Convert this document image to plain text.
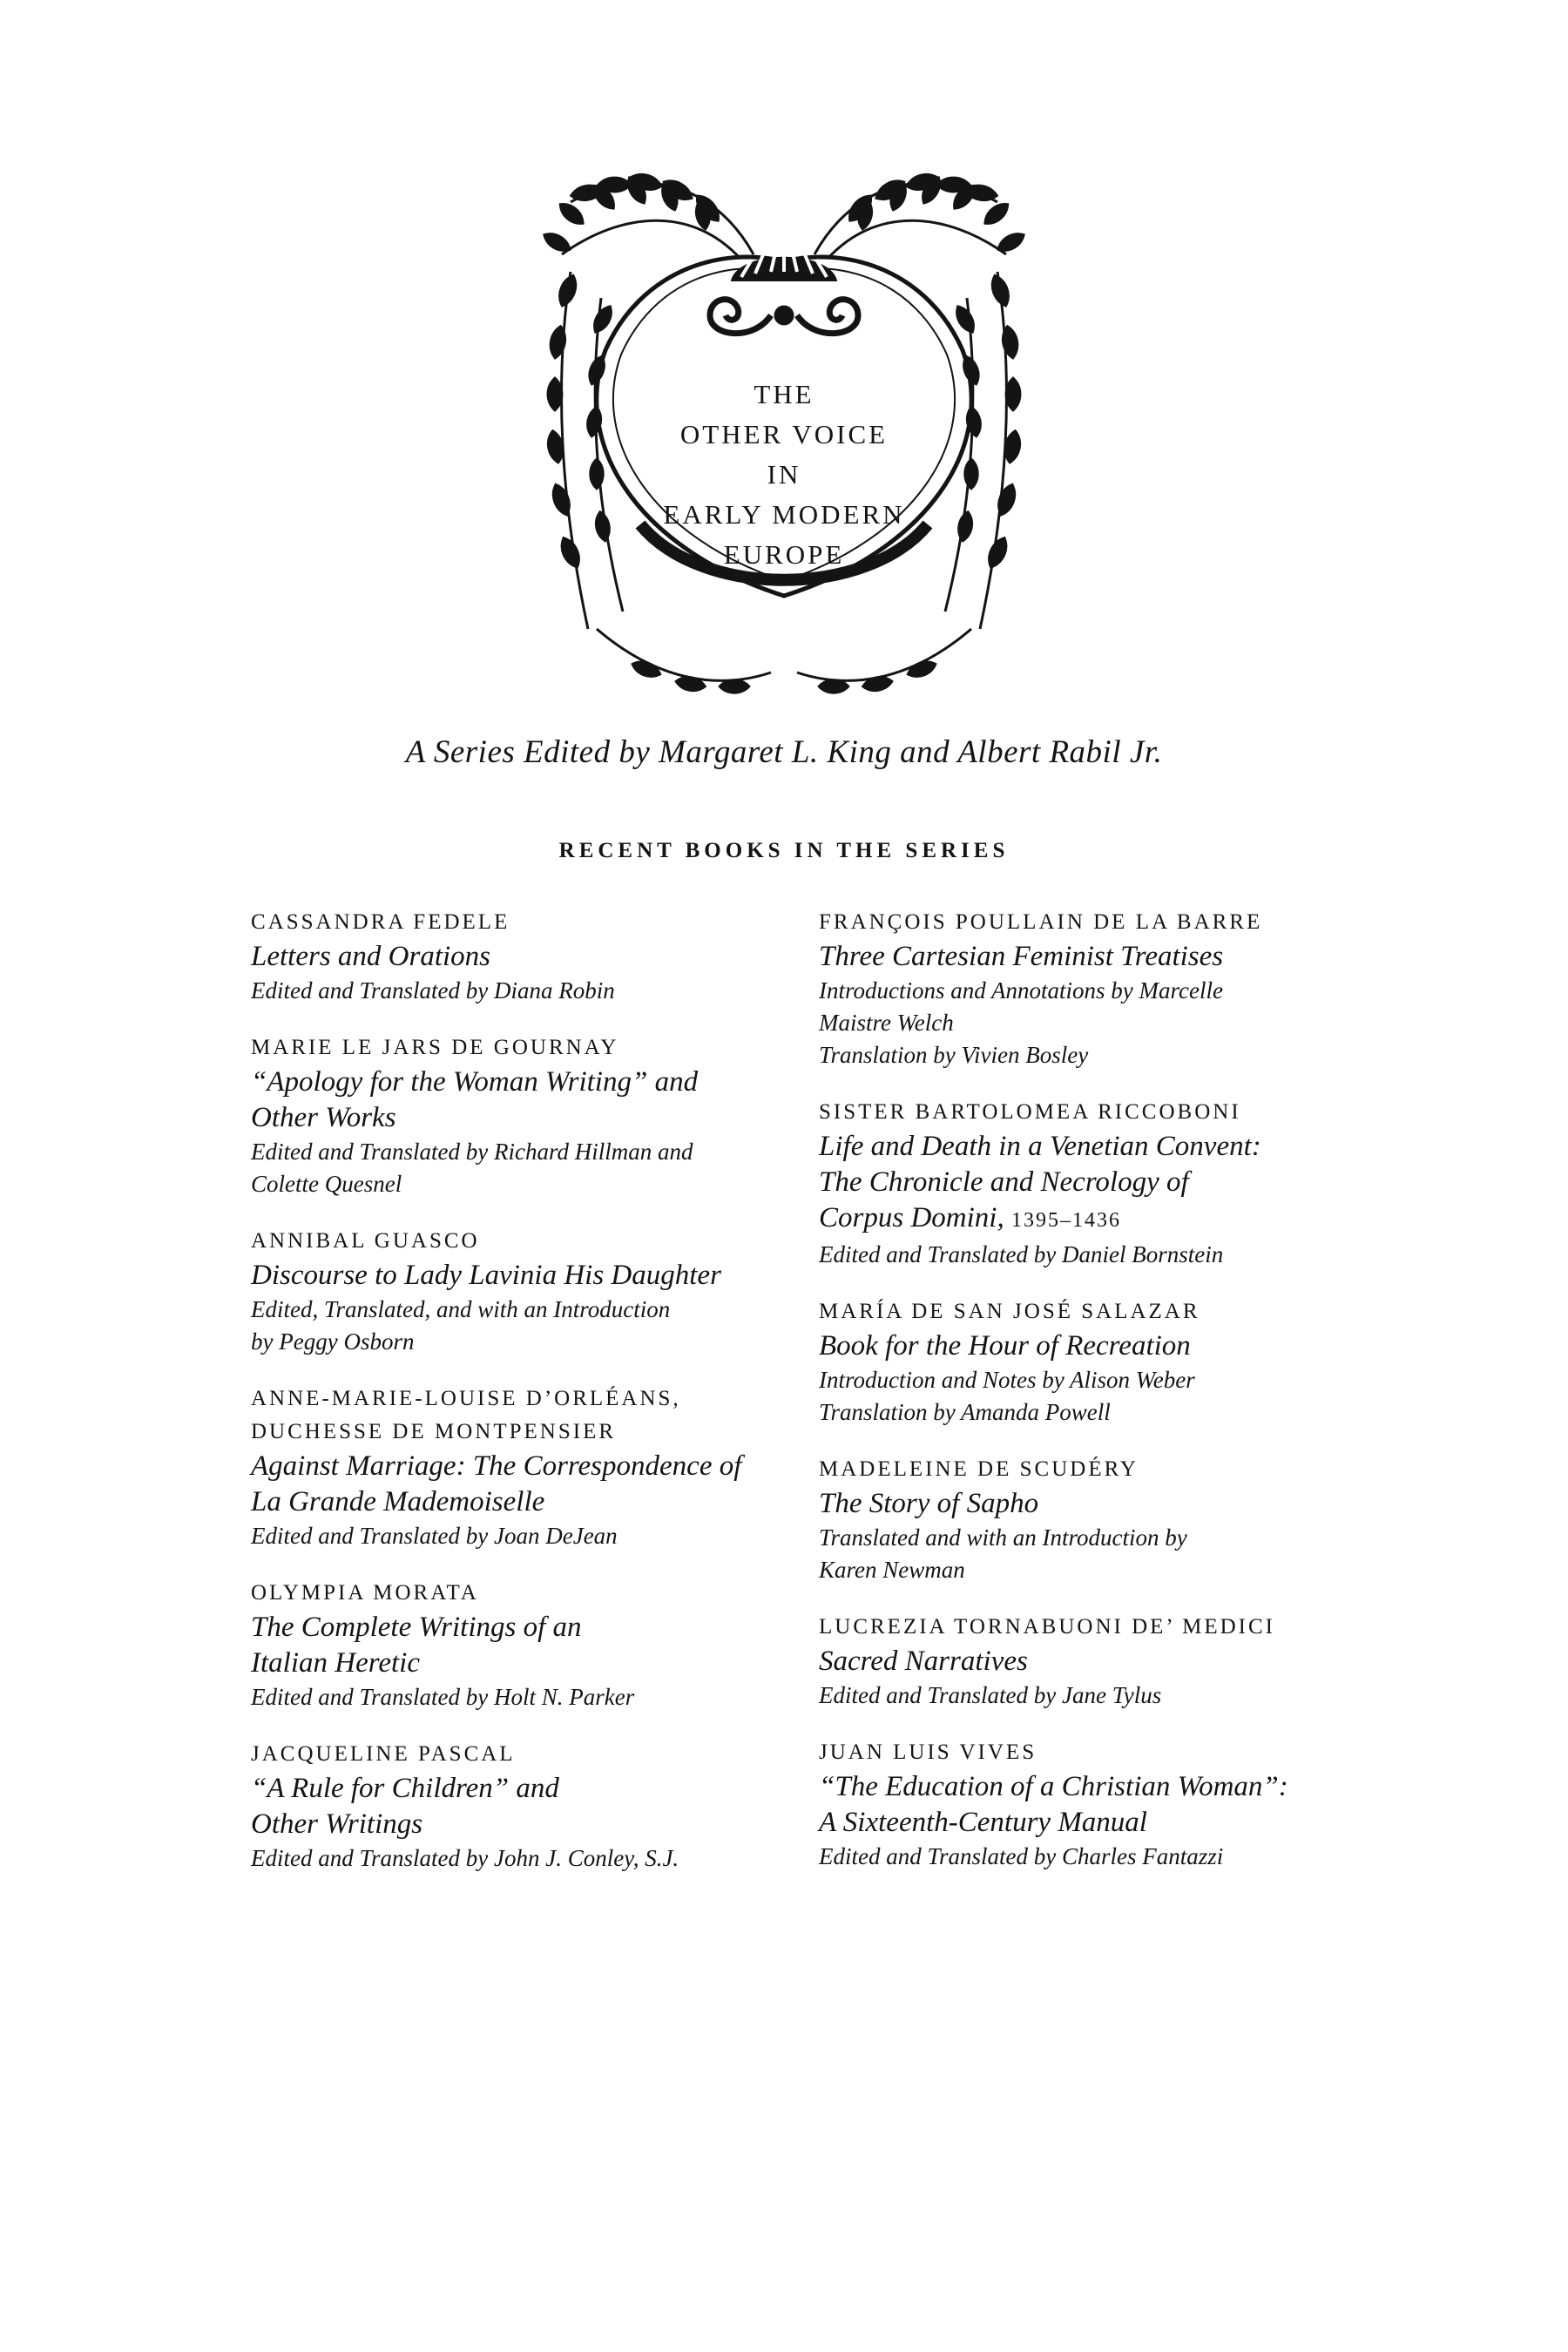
THE
OTHER VOICE
IN
EARLY MODERN
EUROPE
A Series Edited by Margaret L. King and Albert Rabil Jr.
RECENT BOOKS IN THE SERIES
CASSANDRA FEDELE
Letters and Orations
Edited and Translated by Diana Robin
MARIE LE JARS DE GOURNAY
“Apology for the Woman Writing” and
Other Works
Edited and Translated by Richard Hillman and
Colette Quesnel
ANNIBAL GUASCO
Discourse to Lady Lavinia His Daughter
Edited, Translated, and with an Introduction
by Peggy Osborn
ANNE-MARIE-LOUISE D’ORLÉANS,
DUCHESSE DE MONTPENSIER
Against Marriage: The Correspondence of
La Grande Mademoiselle
Edited and Translated by Joan DeJean
OLYMPIA MORATA
The Complete Writings of an
Italian Heretic
Edited and Translated by Holt N. Parker
JACQUELINE PASCAL
“A Rule for Children” and
Other Writings
Edited and Translated by John J. Conley, S.J.
FRANÇOIS POULLAIN DE LA BARRE
Three Cartesian Feminist Treatises
Introductions and Annotations by Marcelle
Maistre Welch
Translation by Vivien Bosley
SISTER BARTOLOMEA RICCOBONI
Life and Death in a Venetian Convent:
The Chronicle and Necrology of
Corpus Domini, 1395–1436
Edited and Translated by Daniel Bornstein
MARÍA DE SAN JOSÉ SALAZAR
Book for the Hour of Recreation
Introduction and Notes by Alison Weber
Translation by Amanda Powell
MADELEINE DE SCUDÉRY
The Story of Sapho
Translated and with an Introduction by
Karen Newman
LUCREZIA TORNABUONI DE’ MEDICI
Sacred Narratives
Edited and Translated by Jane Tylus
JUAN LUIS VIVES
“The Education of a Christian Woman”:
A Sixteenth-Century Manual
Edited and Translated by Charles Fantazzi
